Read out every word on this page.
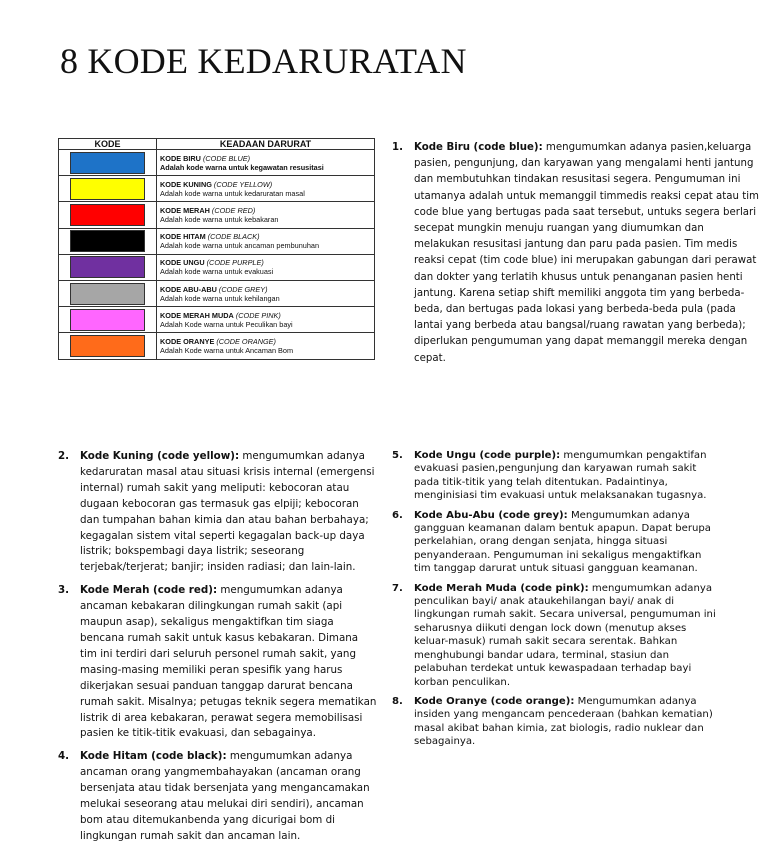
8 KODE KEDARURATAN
KODE	KEADAAN DARURAT

	KODE BIRU (CODE BLUE)
Adalah kode warna untuk kegawatan resusitasi

	KODE KUNING (CODE YELLOW)
Adalah kode warna untuk kedaruratan masal

	KODE MERAH (CODE RED)
Adalah kode warna untuk kebakaran

	KODE HITAM (CODE BLACK)
Adalah kode warna untuk ancaman pembunuhan

	KODE UNGU (CODE PURPLE)
Adalah kode warna untuk evakuasi

	KODE ABU-ABU (CODE GREY)
Adalah kode warna untuk kehilangan

	KODE MERAH MUDA (CODE PINK)
Adalah Kode warna untuk Peculikan bayi

	KODE ORANYE (CODE ORANGE)
Adalah Kode warna untuk Ancaman Bom
1. Kode Biru (code blue): mengumumkan adanya pasien,keluarga pasien, pengunjung, dan karyawan yang mengalami henti jantung dan membutuhkan tindakan resusitasi segera. Pengumuman ini utamanya adalah untuk memanggil timmedis reaksi cepat atau tim code blue yang bertugas pada saat tersebut, untuks segera berlari secepat mungkin menuju ruangan yang diumumkan dan melakukan resusitasi jantung dan paru pada pasien. Tim medis reaksi cepat (tim code blue) ini merupakan gabungan dari perawat dan dokter yang terlatih khusus untuk penanganan pasien henti jantung. Karena setiap shift memiliki anggota tim yang berbeda-beda, dan bertugas pada lokasi yang berbeda-beda pula (pada lantai yang berbeda atau bangsal/ruang rawatan yang berbeda); diperlukan pengumuman yang dapat memanggil mereka dengan cepat.
2. Kode Kuning (code yellow): mengumumkan adanya kedaruratan masal atau situasi krisis internal (emergensi internal) rumah sakit yang meliputi: kebocoran atau dugaan kebocoran gas termasuk gas elpiji; kebocoran dan tumpahan bahan kimia dan atau bahan berbahaya; kegagalan sistem vital seperti kegagalan back-up daya listrik; bokspembagi daya listrik; seseorang terjebak/terjerat; banjir; insiden radiasi; dan lain-lain.
3. Kode Merah (code red): mengumumkan adanya ancaman kebakaran dilingkungan rumah sakit (api maupun asap), sekaligus mengaktifkan tim siaga bencana rumah sakit untuk kasus kebakaran. Dimana tim ini terdiri dari seluruh personel rumah sakit, yang masing-masing memiliki peran spesifik yang harus dikerjakan sesuai panduan tanggap darurat bencana rumah sakit. Misalnya; petugas teknik segera mematikan listrik di area kebakaran, perawat segera memobilisasi pasien ke titik-titik evakuasi, dan sebagainya.
4. Kode Hitam (code black): mengumumkan adanya ancaman orang yangmembahayakan (ancaman orang bersenjata atau tidak bersenjata yang mengancamakan melukai seseorang atau melukai diri sendiri), ancaman bom atau ditemukanbenda yang dicurigai bom di lingkungan rumah sakit dan ancaman lain.
5. Kode Ungu (code purple): mengumumkan pengaktifan evakuasi pasien,pengunjung dan karyawan rumah sakit pada titik-titik yang telah ditentukan. Padaintinya, menginisiasi tim evakuasi untuk melaksanakan tugasnya.
6. Kode Abu-Abu (code grey): Mengumumkan adanya gangguan keamanan dalam bentuk apapun. Dapat berupa perkelahian, orang dengan senjata, hingga situasi penyanderaan. Pengumuman ini sekaligus mengaktifkan tim tanggap darurat untuk situasi gangguan keamanan.
7. Kode Merah Muda (code pink): mengumumkan adanya penculikan bayi/ anak ataukehilangan bayi/ anak di lingkungan rumah sakit. Secara universal, pengumuman ini seharusnya diikuti dengan lock down (menutup akses keluar-masuk) rumah sakit secara serentak. Bahkan menghubungi bandar udara, terminal, stasiun dan pelabuhan terdekat untuk kewaspadaan terhadap bayi korban penculikan.
8. Kode Oranye (code orange): Mengumumkan adanya insiden yang mengancam pencederaan (bahkan kematian) masal akibat bahan kimia, zat biologis, radio nuklear dan sebagainya.
